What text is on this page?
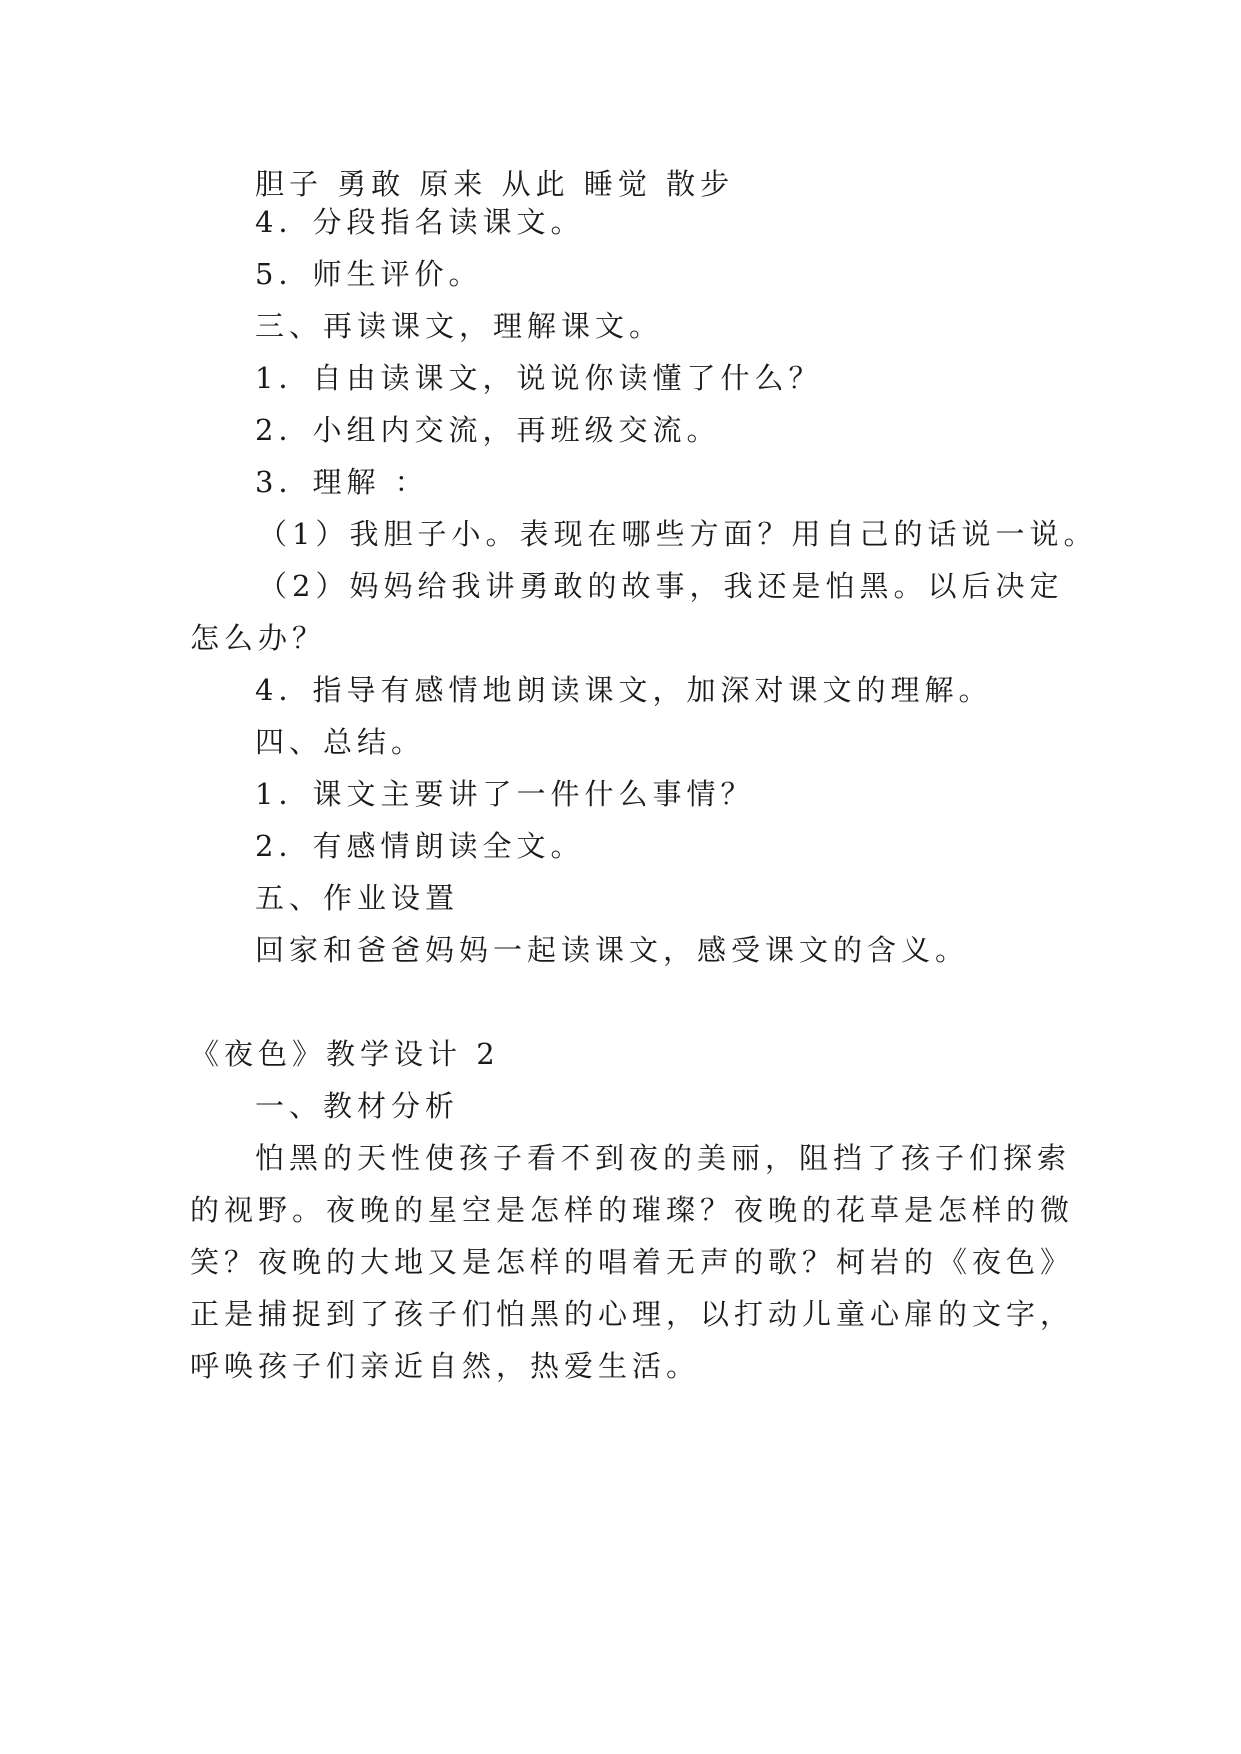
胆子 勇敢 原来 从此 睡觉 散步
4．分段指名读课文。
5．师生评价。
三、再读课文，理解课文。
1．自由读课文，说说你读懂了什么？
2．小组内交流，再班级交流。
3．理解 ：
（1）我胆子小。表现在哪些方面？用自己的话说一说。
（2）妈妈给我讲勇敢的故事，我还是怕黑。以后决定
怎么办？
4．指导有感情地朗读课文，加深对课文的理解。
四、总结。
1．课文主要讲了一件什么事情？
2．有感情朗读全文。
五、作业设置
回家和爸爸妈妈一起读课文，感受课文的含义。
《夜色》教学设计 2
一、教材分析
怕黑的天性使孩子看不到夜的美丽，阻挡了孩子们探索
的视野。夜晚的星空是怎样的璀璨？夜晚的花草是怎样的微
笑？夜晚的大地又是怎样的唱着无声的歌？柯岩的《夜色》
正是捕捉到了孩子们怕黑的心理，以打动儿童心扉的文字，
呼唤孩子们亲近自然，热爱生活。
